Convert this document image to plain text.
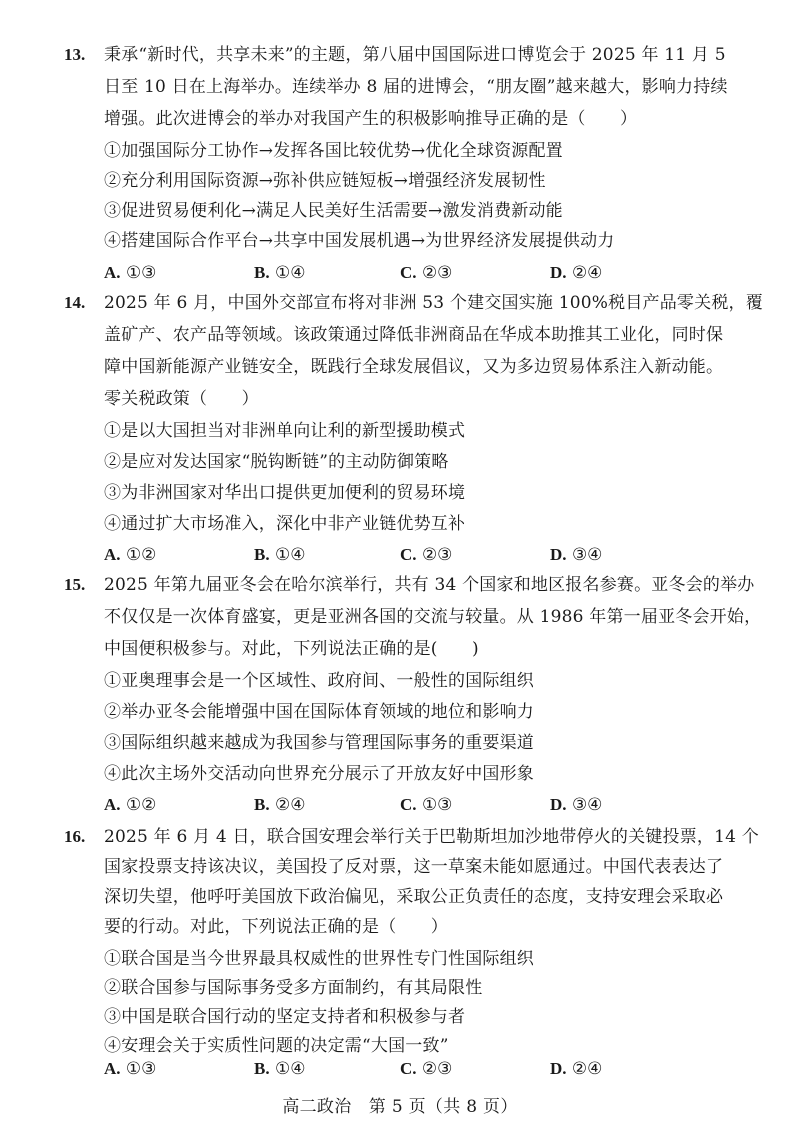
13. 秉承“新时代，共享未来”的主题，第八届中国国际进口博览会于 2025 年 11 月 5
日至 10 日在上海举办。连续举办 8 届的进博会，“朋友圈”越来越大，影响力持续
增强。此次进博会的举办对我国产生的积极影响推导正确的是（　　）
①加强国际分工协作→发挥各国比较优势→优化全球资源配置
②充分利用国际资源→弥补供应链短板→增强经济发展韧性
③促进贸易便利化→满足人民美好生活需要→激发消费新动能
④搭建国际合作平台→共享中国发展机遇→为世界经济发展提供动力
A. ①③	B. ①④	C. ②③	D. ②④
14. 2025 年 6 月，中国外交部宣布将对非洲 53 个建交国实施 100%税目产品零关税，覆
盖矿产、农产品等领域。该政策通过降低非洲商品在华成本助推其工业化，同时保
障中国新能源产业链安全，既践行全球发展倡议，又为多边贸易体系注入新动能。
零关税政策（　　）
①是以大国担当对非洲单向让利的新型援助模式
②是应对发达国家“脱钩断链”的主动防御策略
③为非洲国家对华出口提供更加便利的贸易环境
④通过扩大市场准入，深化中非产业链优势互补
A. ①②	B. ①④	C. ②③	D. ③④
15. 2025 年第九届亚冬会在哈尔滨举行，共有 34 个国家和地区报名参赛。亚冬会的举办
不仅仅是一次体育盛宴，更是亚洲各国的交流与较量。从 1986 年第一届亚冬会开始，
中国便积极参与。对此，下列说法正确的是(　　)
①亚奥理事会是一个区域性、政府间、一般性的国际组织
②举办亚冬会能增强中国在国际体育领域的地位和影响力
③国际组织越来越成为我国参与管理国际事务的重要渠道
④此次主场外交活动向世界充分展示了开放友好中国形象
A. ①②	B. ②④	C. ①③	D. ③④
16. 2025 年 6 月 4 日，联合国安理会举行关于巴勒斯坦加沙地带停火的关键投票，14 个
国家投票支持该决议，美国投了反对票，这一草案未能如愿通过。中国代表表达了
深切失望，他呼吁美国放下政治偏见，采取公正负责任的态度，支持安理会采取必
要的行动。对此，下列说法正确的是（　　）
①联合国是当今世界最具权威性的世界性专门性国际组织
②联合国参与国际事务受多方面制约，有其局限性
③中国是联合国行动的坚定支持者和积极参与者
④安理会关于实质性问题的决定需“大国一致”
A. ①③	B. ①④	C. ②③	D. ②④
高二政治　第 5 页（共 8 页）
